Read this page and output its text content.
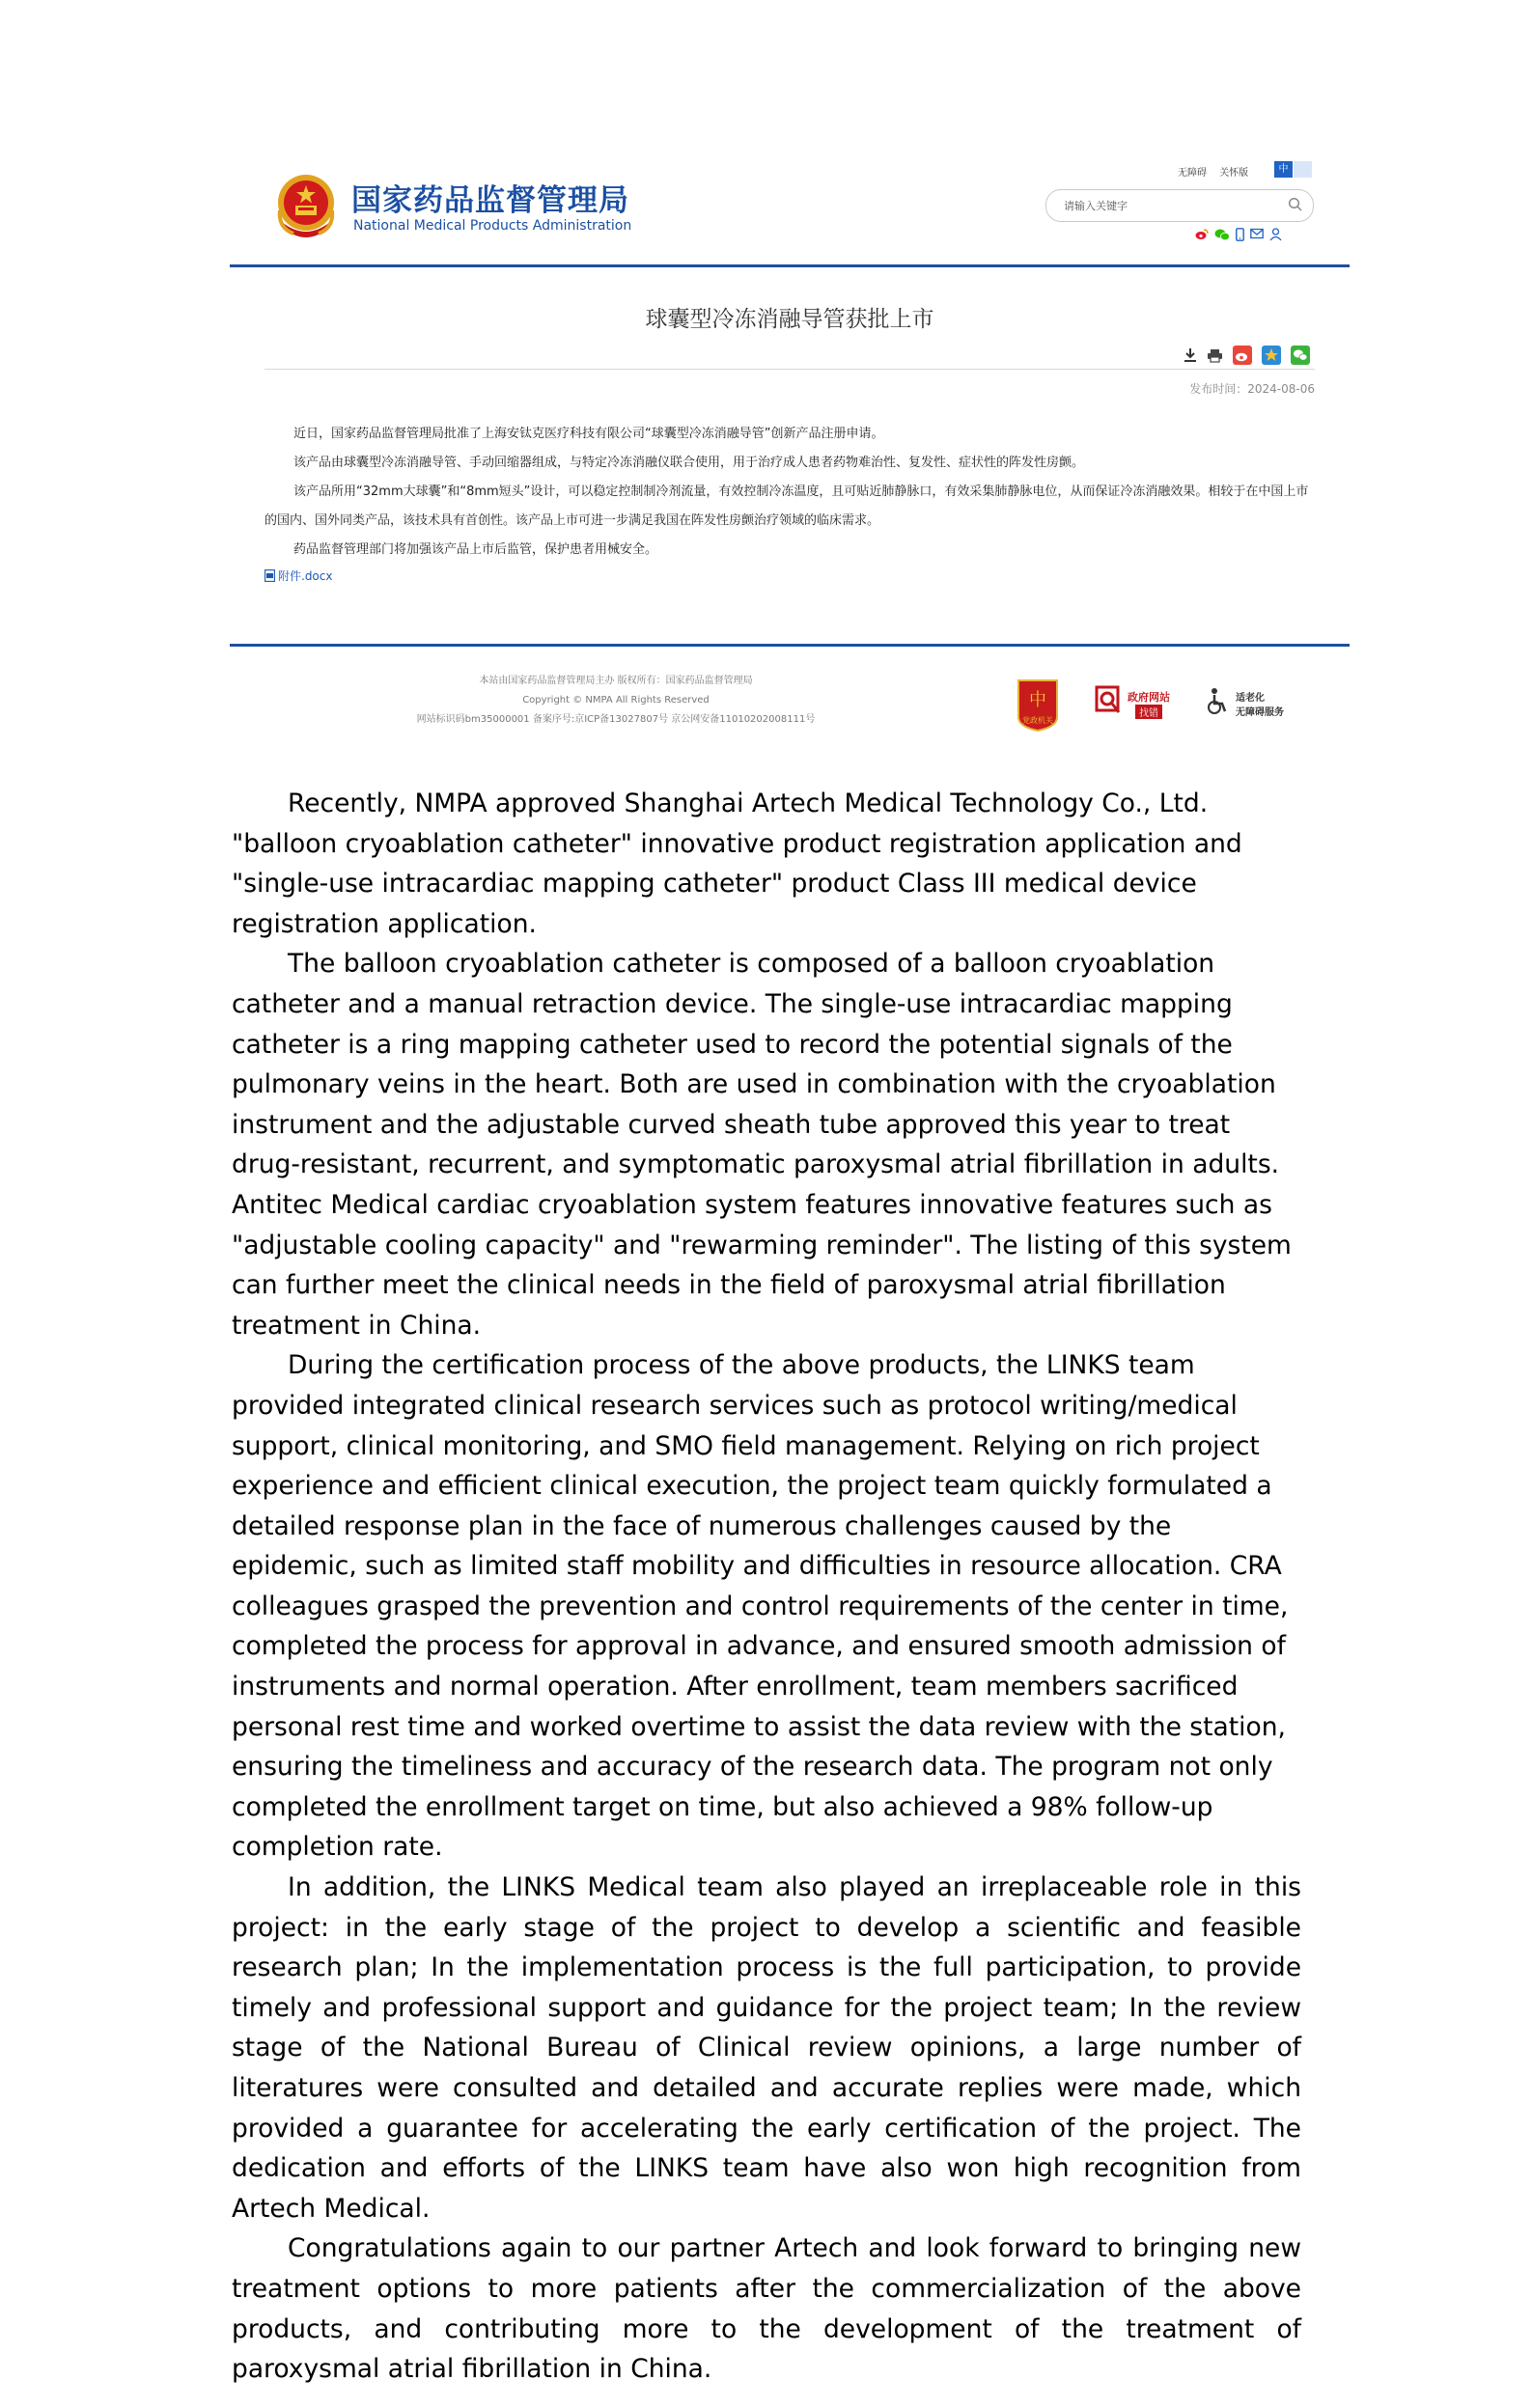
国家药品监督管理局
National Medical Products Administration
无障碍 关怀版	中
请输入关键字
球囊型冷冻消融导管获批上市
发布时间：2024-08-06

近日，国家药品监督管理局批准了上海安钛克医疗科技有限公司“球囊型冷冻消融导管”创新产品注册申请。

该产品由球囊型冷冻消融导管、手动回缩器组成，与特定冷冻消融仪联合使用，用于治疗成人患者药物难治性、复发性、症状性的阵发性房颤。

该产品所用“32mm大球囊”和“8mm短头”设计，可以稳定控制制冷剂流量，有效控制冷冻温度，且可贴近肺静脉口，有效采集肺静脉电位，从而保证冷冻消融效果。相较于在中国上市的国内、国外同类产品，该技术具有首创性。该产品上市可进一步满足我国在阵发性房颤治疗领域的临床需求。

药品监督管理部门将加强该产品上市后监管，保护患者用械安全。

附件.docx
本站由国家药品监督管理局主办 版权所有：国家药品监督管理局
Copyright © NMPA All Rights Reserved
网站标识码bm35000001 备案序号:京ICP备13027807号 京公网安备11010202008111号
中
党政机关
政府网站
找错
适老化
无障碍服务

Recently, NMPA approved Shanghai Artech Medical Technology Co., Ltd. "balloon cryoablation catheter" innovative product registration application and "single-use intracardiac mapping catheter" product Class III medical device registration application.

The balloon cryoablation catheter is composed of a balloon cryoablation catheter and a manual retraction device. The single-use intracardiac mapping catheter is a ring mapping catheter used to record the potential signals of the pulmonary veins in the heart. Both are used in combination with the cryoablation instrument and the adjustable curved sheath tube approved this year to treat drug-resistant, recurrent, and symptomatic paroxysmal atrial fibrillation in adults. Antitec Medical cardiac cryoablation system features innovative features such as "adjustable cooling capacity" and "rewarming reminder". The listing of this system can further meet the clinical needs in the field of paroxysmal atrial fibrillation treatment in China.

During the certification process of the above products, the LINKS team provided integrated clinical research services such as protocol writing/medical support, clinical monitoring, and SMO field management. Relying on rich project experience and efficient clinical execution, the project team quickly formulated a detailed response plan in the face of numerous challenges caused by the epidemic, such as limited staff mobility and difficulties in resource allocation. CRA colleagues grasped the prevention and control requirements of the center in time, completed the process for approval in advance, and ensured smooth admission of instruments and normal operation. After enrollment, team members sacrificed personal rest time and worked overtime to assist the data review with the station, ensuring the timeliness and accuracy of the research data. The program not only completed the enrollment target on time, but also achieved a 98% follow-up completion rate.

In addition, the LINKS Medical team also played an irreplaceable role in this project: in the early stage of the project to develop a scientific and feasible research plan; In the implementation process is the full participation, to provide timely and professional support and guidance for the project team; In the review stage of the National Bureau of Clinical review opinions, a large number of literatures were consulted and detailed and accurate replies were made, which provided a guarantee for accelerating the early certification of the project. The dedication and efforts of the LINKS team have also won high recognition from Artech Medical.

Congratulations again to our partner Artech and look forward to bringing new treatment options to more patients after the commercialization of the above products, and contributing more to the development of the treatment of paroxysmal atrial fibrillation in China.
